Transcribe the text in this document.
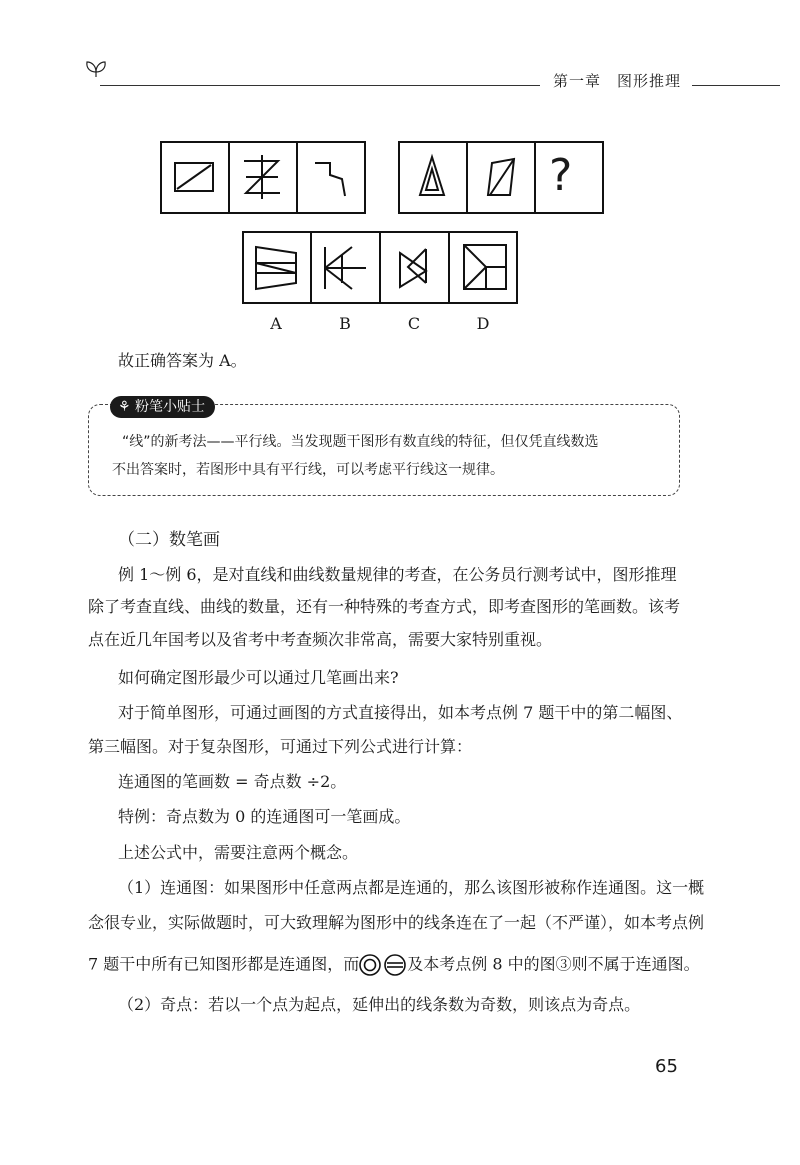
第一章 图形推理
?
A	B	C	D
故正确答案为 A。
⚘ 粉笔小贴士
“线”的新考法——平行线。当发现题干图形有数直线的特征，但仅凭直线数选
不出答案时，若图形中具有平行线，可以考虑平行线这一规律。
（二）数笔画
例 1～例 6，是对直线和曲线数量规律的考查，在公务员行测考试中，图形推理
除了考查直线、曲线的数量，还有一种特殊的考查方式，即考查图形的笔画数。该考
点在近几年国考以及省考中考查频次非常高，需要大家特别重视。
如何确定图形最少可以通过几笔画出来?
对于简单图形，可通过画图的方式直接得出，如本考点例 7 题干中的第二幅图、
第三幅图。对于复杂图形，可通过下列公式进行计算：
连通图的笔画数 = 奇点数 ÷2。
特例：奇点数为 0 的连通图可一笔画成。
上述公式中，需要注意两个概念。
（1）连通图：如果图形中任意两点都是连通的，那么该图形被称作连通图。这一概
念很专业，实际做题时，可大致理解为图形中的线条连在了一起（不严谨），如本考点例
7 题干中所有已知图形都是连通图，而	及本考点例 8 中的图③则不属于连通图。
（2）奇点：若以一个点为起点，延伸出的线条数为奇数，则该点为奇点。
65
